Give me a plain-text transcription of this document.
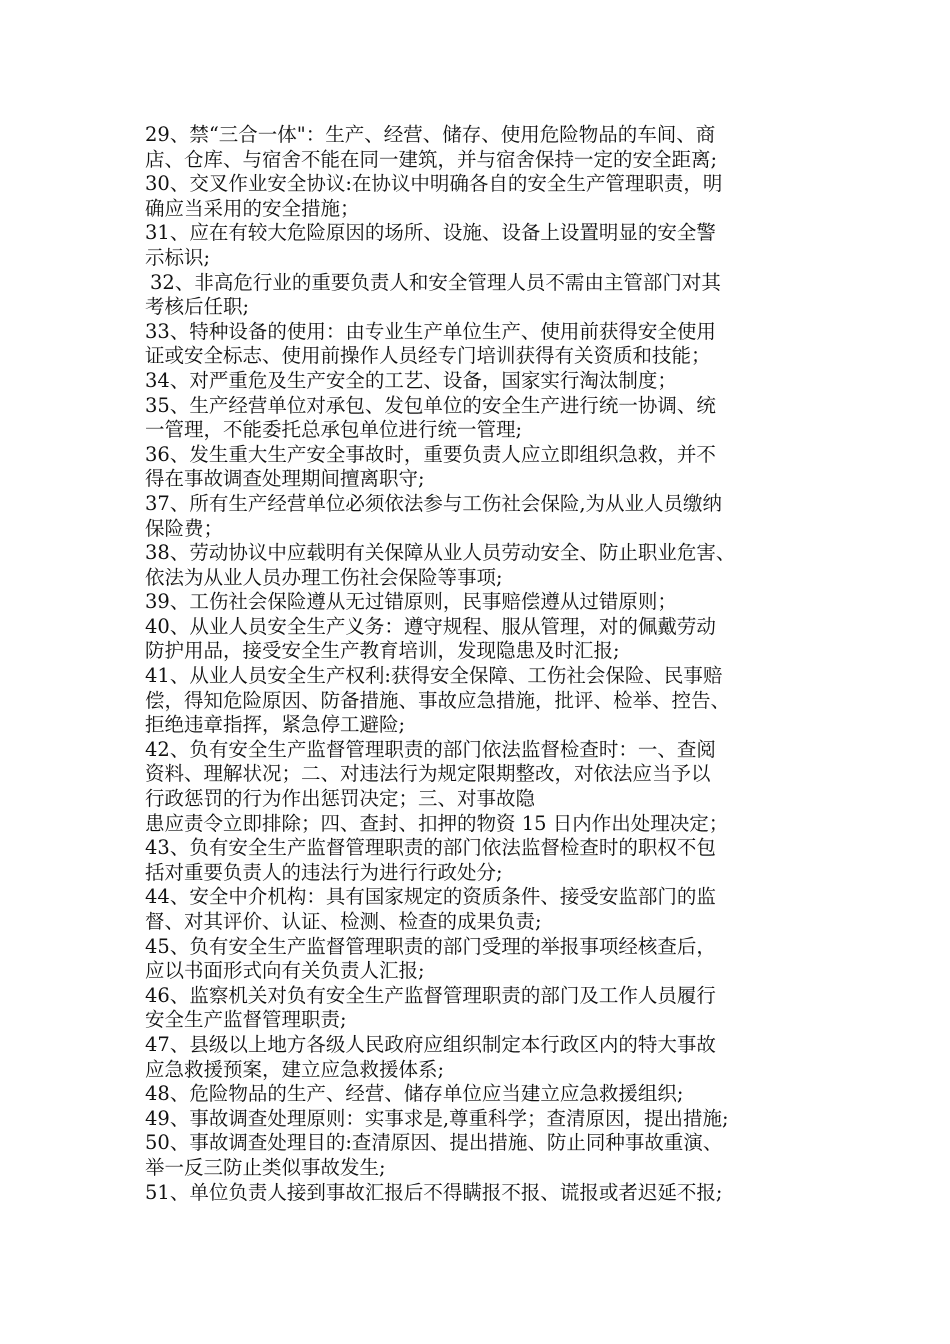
29、禁“三合一体"：生产、经营、储存、使用危险物品的车间、商
店、仓库、与宿舍不能在同一建筑，并与宿舍保持一定的安全距离;
30、交叉作业安全协议:在协议中明确各自的安全生产管理职责，明
确应当采用的安全措施；
31、应在有较大危险原因的场所、设施、设备上设置明显的安全警
示标识;
32、非高危行业的重要负责人和安全管理人员不需由主管部门对其
考核后任职;
33、特种设备的使用：由专业生产单位生产、使用前获得安全使用
证或安全标志、使用前操作人员经专门培训获得有关资质和技能；
34、对严重危及生产安全的工艺、设备，国家实行淘汰制度；
35、生产经营单位对承包、发包单位的安全生产进行统一协调、统
一管理，不能委托总承包单位进行统一管理;
36、发生重大生产安全事故时，重要负责人应立即组织急救，并不
得在事故调查处理期间擅离职守;
37、所有生产经营单位必须依法参与工伤社会保险,为从业人员缴纳
保险费；
38、劳动协议中应载明有关保障从业人员劳动安全、防止职业危害、
依法为从业人员办理工伤社会保险等事项;
39、工伤社会保险遵从无过错原则，民事赔偿遵从过错原则；
40、从业人员安全生产义务：遵守规程、服从管理，对的佩戴劳动
防护用品，接受安全生产教育培训，发现隐患及时汇报;
41、从业人员安全生产权利:获得安全保障、工伤社会保险、民事赔
偿，得知危险原因、防备措施、事故应急措施，批评、检举、控告、
拒绝违章指挥，紧急停工避险;
42、负有安全生产监督管理职责的部门依法监督检查时：一、查阅
资料、理解状况；二、对违法行为规定限期整改，对依法应当予以
行政惩罚的行为作出惩罚决定；三、对事故隐
患应责令立即排除；四、查封、扣押的物资 15 日内作出处理决定；
43、负有安全生产监督管理职责的部门依法监督检查时的职权不包
括对重要负责人的违法行为进行行政处分;
44、安全中介机构：具有国家规定的资质条件、接受安监部门的监
督、对其评价、认证、检测、检查的成果负责;
45、负有安全生产监督管理职责的部门受理的举报事项经核查后，
应以书面形式向有关负责人汇报;
46、监察机关对负有安全生产监督管理职责的部门及工作人员履行
安全生产监督管理职责;
47、县级以上地方各级人民政府应组织制定本行政区内的特大事故
应急救援预案，建立应急救援体系;
48、危险物品的生产、经营、储存单位应当建立应急救援组织;
49、事故调查处理原则：实事求是,尊重科学；查清原因，提出措施;
50、事故调查处理目的:查清原因、提出措施、防止同种事故重演、
举一反三防止类似事故发生;
51、单位负责人接到事故汇报后不得瞒报不报、谎报或者迟延不报;
